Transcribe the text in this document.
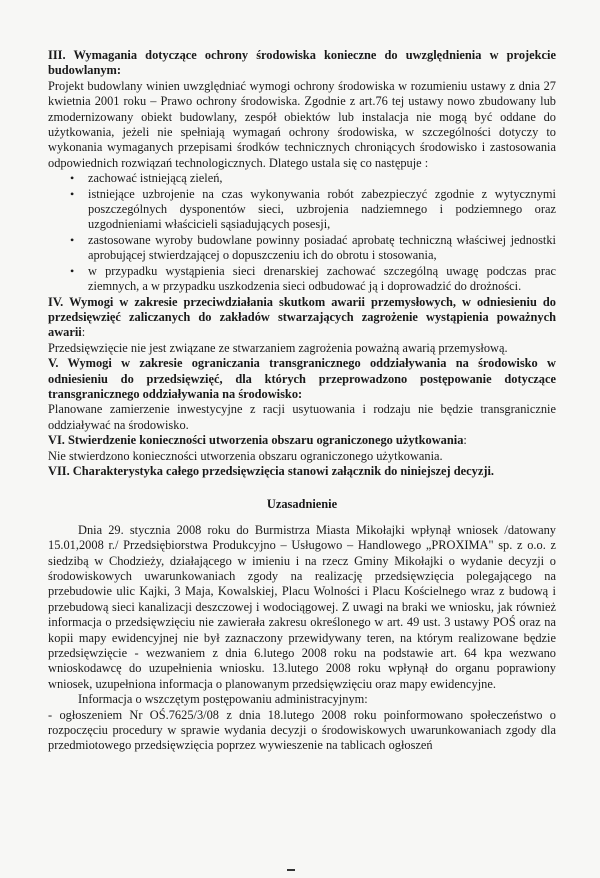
III. Wymagania dotyczące ochrony środowiska konieczne do uwzględnienia w projekcie budowlanym:

Projekt budowlany winien uwzględniać wymogi ochrony środowiska w rozumieniu ustawy z dnia 27 kwietnia 2001 roku – Prawo ochrony środowiska. Zgodnie z art.76 tej ustawy nowo zbudowany lub zmodernizowany obiekt budowlany, zespół obiektów lub instalacja nie mogą być oddane do użytkowania, jeżeli nie spełniają wymagań ochrony środowiska, w szczególności dotyczy to wykonania wymaganych przepisami środków technicznych chroniących środowisko i zastosowania odpowiednich rozwiązań technologicznych. Dlatego ustala się co następuje :

• zachować istniejącą zieleń,
• istniejące uzbrojenie na czas wykonywania robót zabezpieczyć zgodnie z wytycznymi poszczególnych dysponentów sieci, uzbrojenia nadziemnego i podziemnego oraz uzgodnieniami właścicieli sąsiadujących posesji,
• zastosowane wyroby budowlane powinny posiadać aprobatę techniczną właściwej jednostki aprobującej stwierdzającej o dopuszczeniu ich do obrotu i stosowania,
• w przypadku wystąpienia sieci drenarskiej zachować szczególną uwagę podczas prac ziemnych, a w przypadku uszkodzenia sieci odbudować ją i doprowadzić do drożności.

IV. Wymogi w zakresie przeciwdziałania skutkom awarii przemysłowych, w odniesieniu do przedsięwzięć zaliczanych do zakładów stwarzających zagrożenie wystąpienia poważnych awarii:

Przedsięwzięcie nie jest związane ze stwarzaniem zagrożenia poważną awarią przemysłową.

V. Wymogi w zakresie ograniczania transgranicznego oddziaływania na środowisko w odniesieniu do przedsięwzięć, dla których przeprowadzono postępowanie dotyczące transgranicznego oddziaływania na środowisko:

Planowane zamierzenie inwestycyjne z racji usytuowania i rodzaju nie będzie transgranicznie oddziaływać na środowisko.

VI. Stwierdzenie konieczności utworzenia obszaru ograniczonego użytkowania:

Nie stwierdzono konieczności utworzenia obszaru ograniczonego użytkowania.

VII. Charakterystyka całego przedsięwzięcia stanowi załącznik do niniejszej decyzji.

Uzasadnienie

Dnia 29. stycznia 2008 roku do Burmistrza Miasta Mikołajki wpłynął wniosek /datowany 15.01,2008 r./ Przedsiębiorstwa Produkcyjno – Usługowo – Handlowego „PROXIMA" sp. z o.o. z siedzibą w Chodzieży, działającego w imieniu i na rzecz Gminy Mikołajki o wydanie decyzji o środowiskowych uwarunkowaniach zgody na realizację przedsięwzięcia polegającego na przebudowie ulic Kajki, 3 Maja, Kowalskiej, Placu Wolności i Placu Kościelnego wraz z budową i przebudową sieci kanalizacji deszczowej i wodociągowej. Z uwagi na braki we wniosku, jak również informacja o przedsięwzięciu nie zawierała zakresu określonego w art. 49 ust. 3 ustawy POŚ oraz na kopii mapy ewidencyjnej nie był zaznaczony przewidywany teren, na którym realizowane będzie przedsięwzięcie - wezwaniem z dnia 6.lutego 2008 roku na podstawie art. 64 kpa wezwano wnioskodawcę do uzupełnienia wniosku. 13.lutego 2008 roku wpłynął do organu poprawiony wniosek, uzupełniona informacja o planowanym przedsięwzięciu oraz mapy ewidencyjne.

Informacja o wszczętym postępowaniu administracyjnym:

- ogłoszeniem Nr OŚ.7625/3/08 z dnia 18.lutego 2008 roku poinformowano społeczeństwo o rozpoczęciu procedury w sprawie wydania decyzji o środowiskowych uwarunkowaniach zgody dla przedmiotowego przedsięwzięcia poprzez wywieszenie na tablicach ogłoszeń
